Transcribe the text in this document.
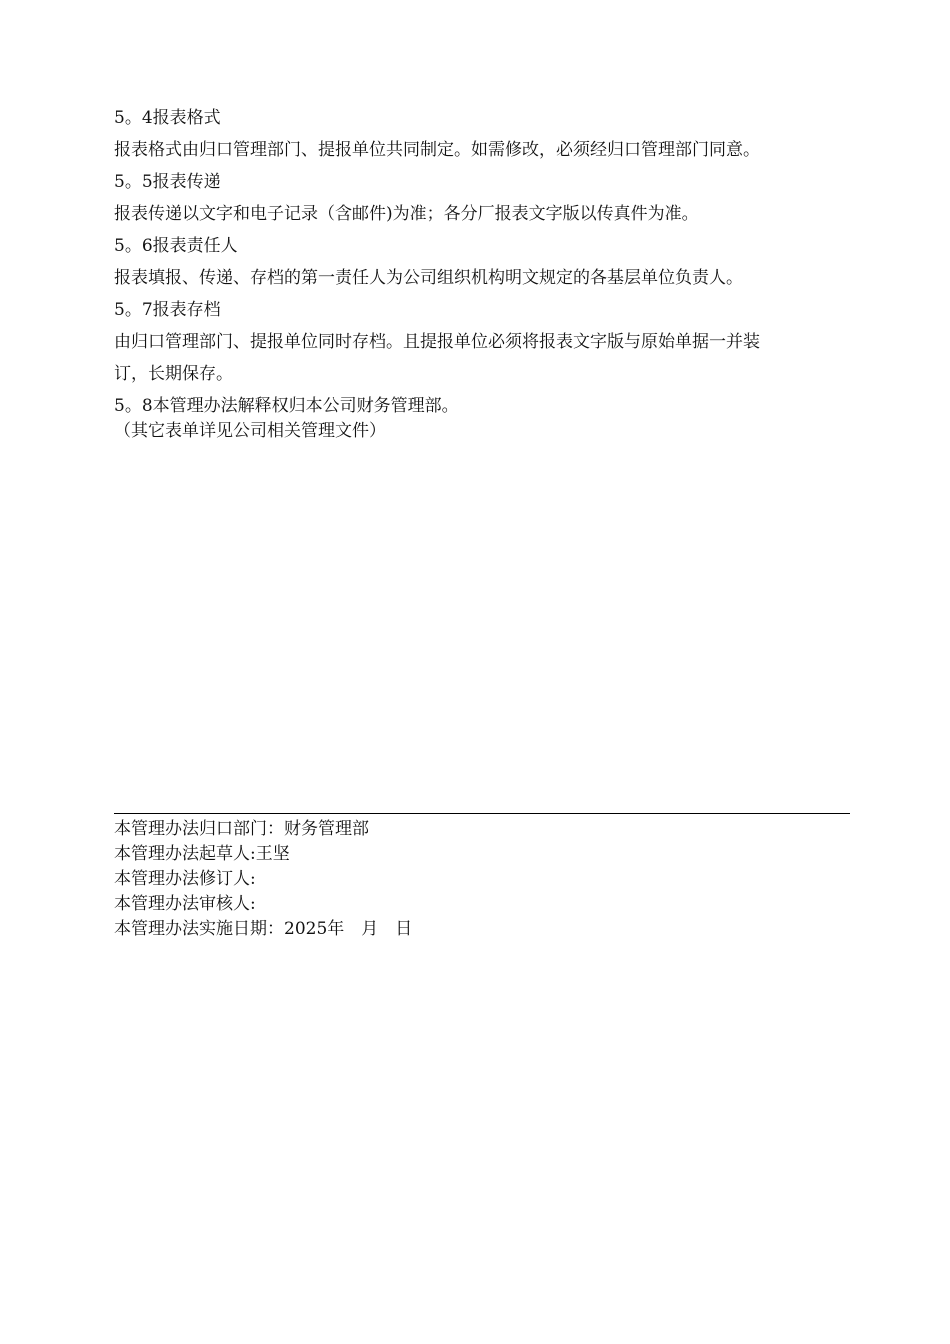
5。4报表格式

报表格式由归口管理部门、提报单位共同制定。如需修改，必须经归口管理部门同意。

5。5报表传递

报表传递以文字和电子记录（含邮件)为准；各分厂报表文字版以传真件为准。

5。6报表责任人

报表填报、传递、存档的第一责任人为公司组织机构明文规定的各基层单位负责人。

5。7报表存档

由归口管理部门、提报单位同时存档。且提报单位必须将报表文字版与原始单据一并装

订，长期保存。

5。8本管理办法解释权归本公司财务管理部。

（其它表单详见公司相关管理文件）

本管理办法归口部门：财务管理部

本管理办法起草人:王坚

本管理办法修订人:

本管理办法审核人:

本管理办法实施日期：2025年　月　日
